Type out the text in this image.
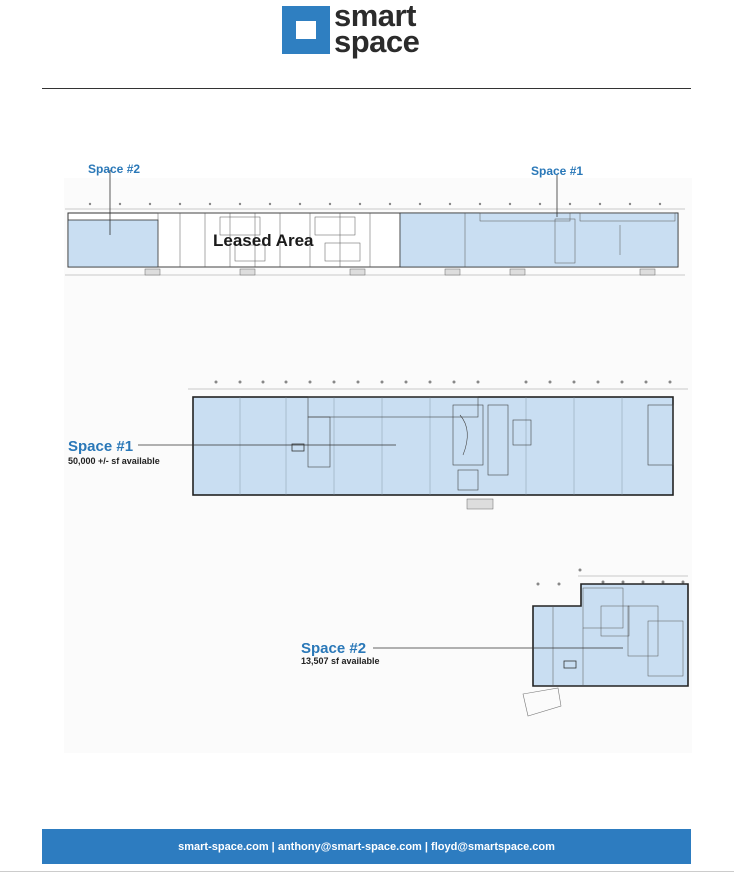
smart
space
Space #2	Space #1
Leased Area
Space #1
50,000 +/- sf available
Space #2
13,507 sf available
smart-space.com | anthony@smart-space.com | floyd@smartspace.com
